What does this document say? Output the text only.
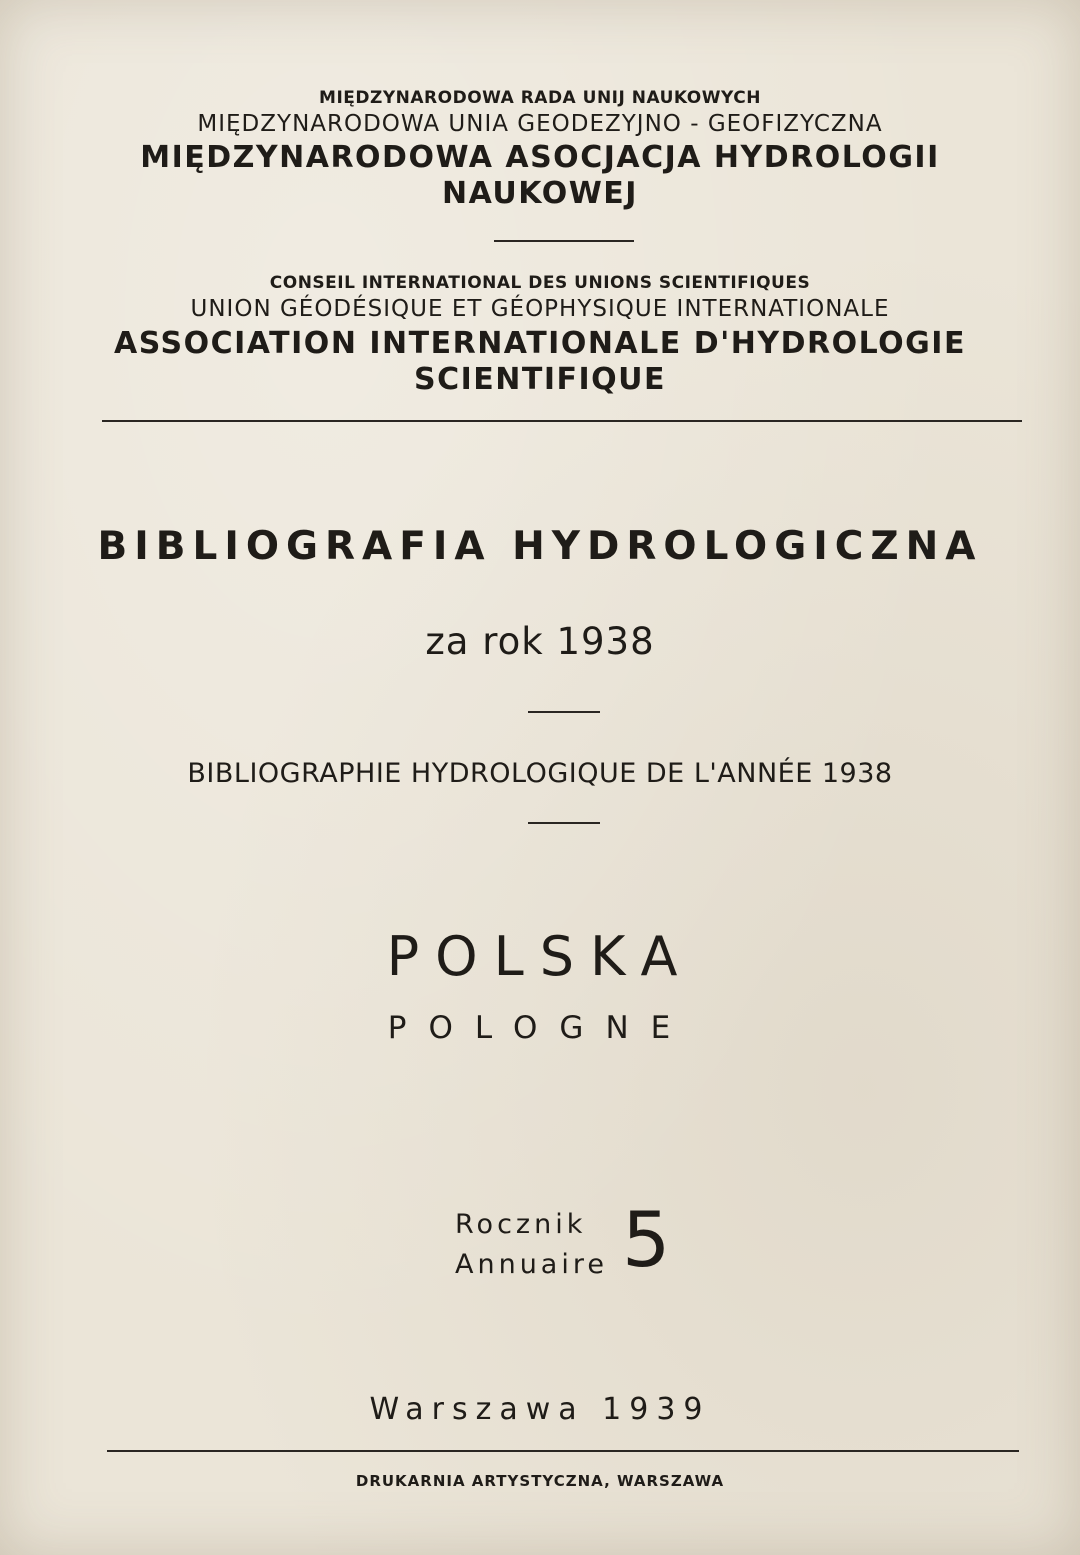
MIĘDZYNARODOWA RADA UNIJ NAUKOWYCH

MIĘDZYNARODOWA UNIA GEODEZYJNO - GEOFIZYCZNA

MIĘDZYNARODOWA ASOCJACJA HYDROLOGII

NAUKOWEJ

CONSEIL INTERNATIONAL DES UNIONS SCIENTIFIQUES

UNION GÉODÉSIQUE ET GÉOPHYSIQUE INTERNATIONALE

ASSOCIATION INTERNATIONALE D'HYDROLOGIE

SCIENTIFIQUE

BIBLIOGRAFIA HYDROLOGICZNA

za rok 1938

BIBLIOGRAPHIE HYDROLOGIQUE DE L'ANNÉE 1938

POLSKA

POLOGNE

Rocznik
Annuaire 5

Warszawa 1939

DRUKARNIA ARTYSTYCZNA, WARSZAWA
